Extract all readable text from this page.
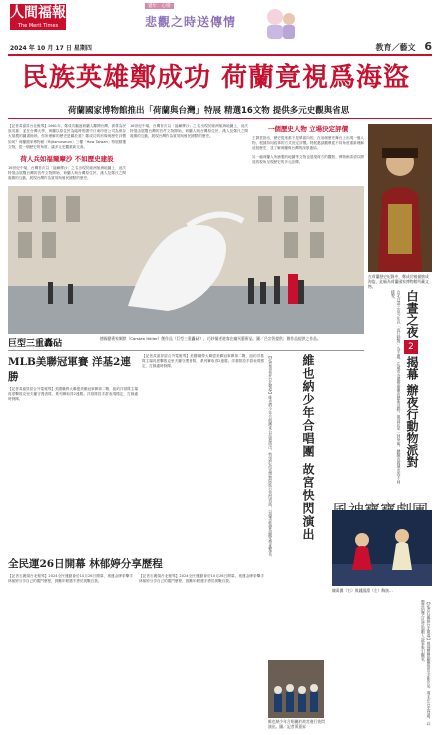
人間福報
The Merit Times
2024 年 10 月 17 日 星期四
覺年：心情
悲觀之時送傳情
教育／藝文 6
民族英雄鄭成功 荷蘭竟視爲海盜
荷蘭國家博物館推出「荷蘭與台灣」特展 精選16文物 提供多元史觀與省思
【記者黃嘉昇台北報導】1661年，鄭成功驅逐荷蘭人離開台灣，被尊為民族英雄；並在台灣大學，荷蘭以原住民為臨時的國中日東印度公司為保存大規模的圖書館珍。你所理解的歷史是屬於誰？鄭成功的形像與歷史評價如何？荷蘭國家博物館（Rijksmuseum）三樓「How Taiwan」特展精選文物，從一個歷史的角度，讓多元史觀重新交會。
荷人兵如福爾摩沙 不如歷史建設
16世紀中葉，台灣首次以「福爾摩沙」之名出現於歐洲航海地圖上，這次特展由展覽台灣的首件文物開始，荷蘭人與台灣原住民、漢人及鄭氏之間複雜的互動，展現台灣作為貿易與殖民據點的歷史。
16世紀中葉，台灣首次以「福爾摩沙」之名出現於歐洲航海地圖上，這次特展由展覽台灣的首件文物開始，荷蘭人與台灣原住民、漢人及鄭氏之間複雜的互動，展現台灣作為貿易與殖民據點的歷史。
一個歷史人物 立場決定評價
王靜雲指出，歷史從來都不是單面向的，在這個歷史舞台上出現一個人物，根據持何敘事的方式決定評價。特展邀請觀眾從不同角度重新理解這段歷史，並了解荷蘭與台灣的深厚連結。
另一幅荷蘭人所繪製的地圖等文物也展現荷方的觀點；博物館希望以開放的視角呈現歷史的多元詮釋。
在荷蘭歷史紀錄中，鄭成功被描繪成海盜，此幅為荷蘭國家博物館所藏文物。
巨型三重轟砧
德國藝術家爾默（Carsten Höller）創作品《巨型三重轟砧》，巧妙描述遊客在幽冥藝術品。圖／呂宗智提供；創作品提供之作品。
MLB美聯冠軍賽 洋基2連勝
【記者黃嘉昇綜合外電報導】美國職棒大聯盟美聯冠軍賽第二戰，紐約洋基隊主場再度擊敗克里夫蘭守護者隊，系列賽取得2連勝。洋基隊投手群表現穩定，打線適時發揮。
【記者黃嘉昇綜合外電報導】美國職棒大聯盟美聯冠軍賽第二戰，紐約洋基隊主場再度擊敗克里夫蘭守護者隊，系列賽取得2連勝。洋基隊投手群表現穩定，打線適時發揮。
全民運26日開幕 林郁婷分享歷程
【記者石麗娟台北報導】2024全民運動會於10月26日開幕，奧運金牌拳擊手林郁婷分享自己的奮鬥歷程，鼓勵年輕選手勇於挑戰自我。
【記者石麗娟台北報導】2024全民運動會於10月26日開幕，奧運金牌拳擊手林郁婷分享自己的奮鬥歷程，鼓勵年輕選手勇於挑戰自我。
【記者黃嘉昇台北報導】維也納少年合唱團來台巡迴演出，特別於故宮博物院進行快閃表演，以優美歌聲為觀眾帶來驚喜。 維也納少年合唱團 故宮快閃演出
維也納少年合唱團於故宮進行快閃演出。圖／記者黃嘉昇
台北白晝之夜今年以「夜行動物」為主題，在城市各處舉辦徹夜藝術活動，邀請民眾一同參與，體驗夜間城市的不同樣貌。 白晝之夜
2
揭幕 辦夜行動物派對
陳禹翼（右）與鍾鴻淵（左）飾演…
【記者石麗娟台北報導】風神寶寶劇團推出全新作品，週末在台北登場，以豐富的舞台設計與動人故事吸引觀眾。
